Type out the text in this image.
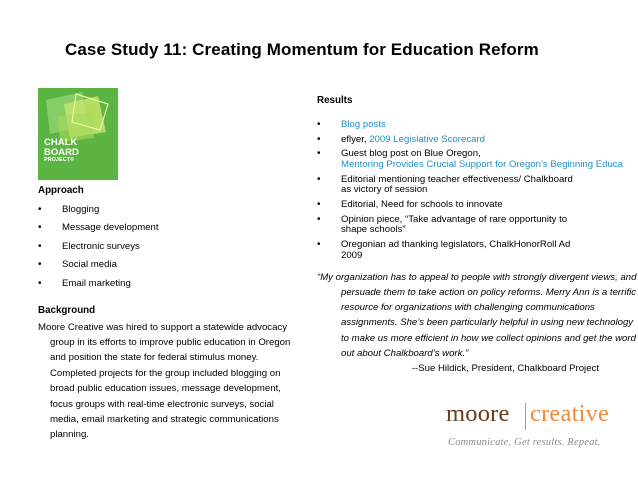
Case Study 11: Creating Momentum for Education Reform
CHALK
BOARD
PROJECT®
Approach
• Blogging
• Message development
• Electronic surveys
• Social media
• Email marketing
Background

Moore Creative was hired to support a statewide advocacy group in its efforts to improve public education in Oregon and position the state for federal stimulus money. Completed projects for the group included blogging on broad public education issues, message development, focus groups with real-time electronic surveys, social media, email marketing and strategic communications planning.

Results
• Blog posts
• eflyer, 2009 Legislative Scorecard
• Guest blog post on Blue Oregon,
Mentoring Provides Crucial Support for Oregon’s Beginning Educa
• Editorial mentioning teacher effectiveness/ Chalkboard
as victory of session
• Editorial, Need for schools to innovate
• Opinion piece, “Take advantage of rare opportunity to
shape schools”
• Oregonian ad thanking legislators, ChalkHonorRoll Ad
2009
“My organization has to appeal to people with strongly divergent views, and persuade them to take action on policy reforms. Merry Ann is a terrific resource for organizations with challenging communications assignments. She’s been particularly helpful in using new technology to make us more efficient in how we collect opinions and get the word out about Chalkboard’s work.”
--Sue Hildick, President, Chalkboard Project
moore creative
Communicate. Get results. Repeat.
